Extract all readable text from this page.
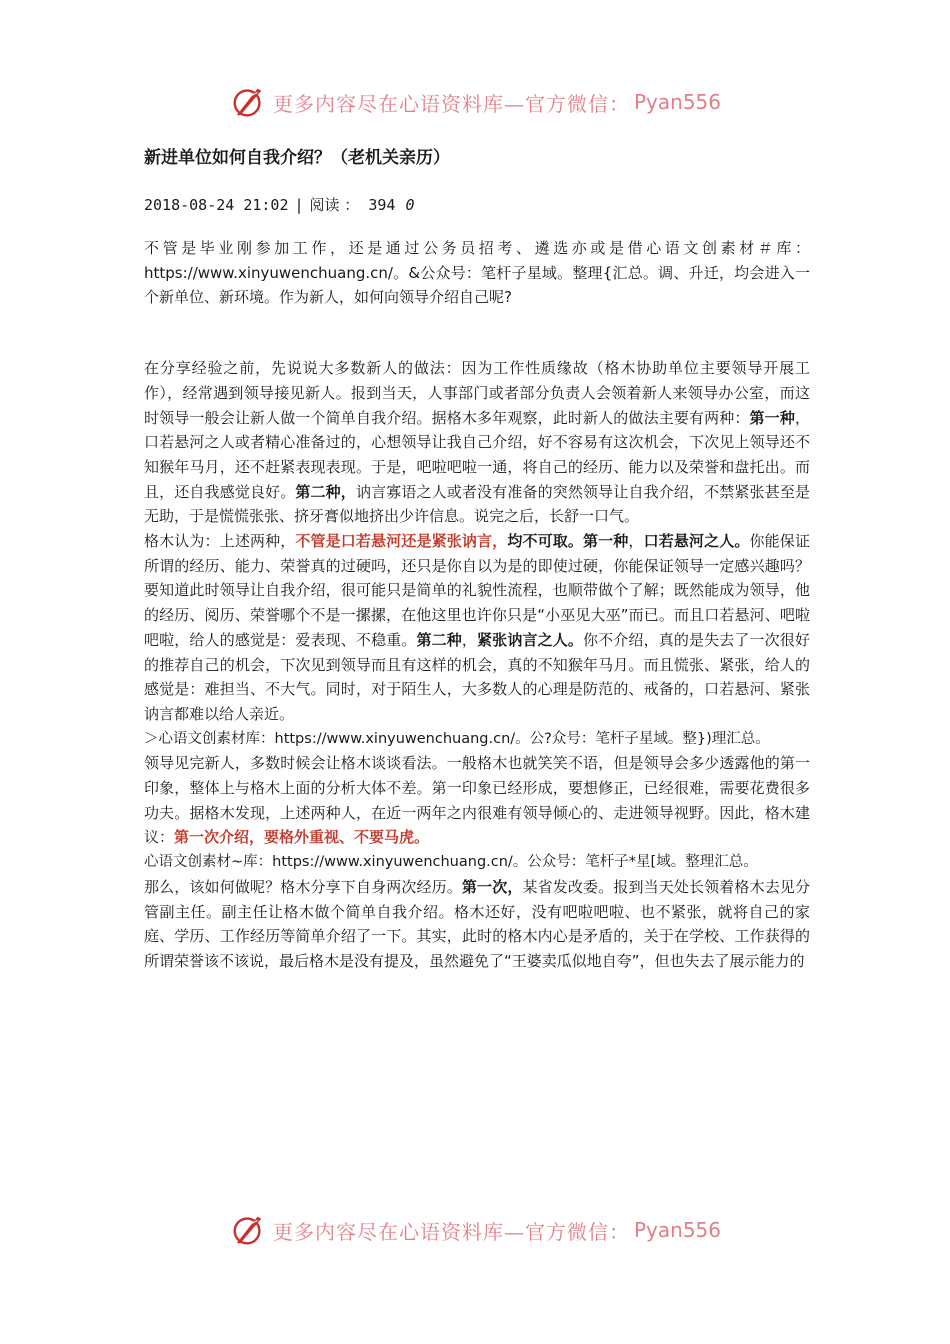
更多内容尽在心语资料库—官方微信： Pyan556
新进单位如何自我介绍？（老机关亲历）
2018-08-24 21:02 | 阅读 ： 394 0

不管是毕业刚参加工作，还是通过公务员招考、遴选亦或是借心语文创素材＃库：https://www.xinyuwenchuang.cn/。&公众号：笔杆子星域。整理{汇总。调、升迁，均会进入一个新单位、新环境。作为新人，如何向领导介绍自己呢?

在分享经验之前，先说说大多数新人的做法：因为工作性质缘故（格木协助单位主要领导开展工作），经常遇到领导接见新人。报到当天，人事部门或者部分负责人会领着新人来领导办公室，而这时领导一般会让新人做一个简单自我介绍。据格木多年观察，此时新人的做法主要有两种：第一种，口若悬河之人或者精心准备过的，心想领导让我自己介绍，好不容易有这次机会，下次见上领导还不知猴年马月，还不赶紧表现表现。于是，吧啦吧啦一通，将自己的经历、能力以及荣誉和盘托出。而且，还自我感觉良好。第二种，讷言寡语之人或者没有准备的突然领导让自我介绍，不禁紧张甚至是无助，于是慌慌张张、挤牙膏似地挤出少许信息。说完之后，长舒一口气。

格木认为：上述两种，不管是口若悬河还是紧张讷言，均不可取。第一种，口若悬河之人。你能保证所谓的经历、能力、荣誉真的过硬吗，还只是你自以为是的即使过硬，你能保证领导一定感兴趣吗？要知道此时领导让自我介绍，很可能只是简单的礼貌性流程，也顺带做个了解；既然能成为领导，他的经历、阅历、荣誉哪个不是一摞摞，在他这里也许你只是“小巫见大巫”而已。而且口若悬河、吧啦吧啦，给人的感觉是：爱表现、不稳重。第二种，紧张讷言之人。你不介绍，真的是失去了一次很好的推荐自己的机会，下次见到领导而且有这样的机会，真的不知猴年马月。而且慌张、紧张，给人的感觉是：难担当、不大气。同时，对于陌生人，大多数人的心理是防范的、戒备的，口若悬河、紧张讷言都难以给人亲近。

＞心语文创素材库：https://www.xinyuwenchuang.cn/。公?众号：笔杆子星域。整})理汇总。

领导见完新人，多数时候会让格木谈谈看法。一般格木也就笑笑不语，但是领导会多少透露他的第一印象，整体上与格木上面的分析大体不差。第一印象已经形成，要想修正，已经很难，需要花费很多功夫。据格木发现，上述两种人，在近一两年之内很难有领导倾心的、走进领导视野。因此，格木建议：第一次介绍，要格外重视、不要马虎。

心语文创素材~库：https://www.xinyuwenchuang.cn/。公众号：笔杆子*星[域。整理汇总。

那么，该如何做呢？格木分享下自身两次经历。第一次，某省发改委。报到当天处长领着格木去见分管副主任。副主任让格木做个简单自我介绍。格木还好，没有吧啦吧啦、也不紧张，就将自己的家庭、学历、工作经历等简单介绍了一下。其实，此时的格木内心是矛盾的，关于在学校、工作获得的所谓荣誉该不该说，最后格木是没有提及，虽然避免了“王婆卖瓜似地自夸”，但也失去了展示能力的

更多内容尽在心语资料库—官方微信： Pyan556
